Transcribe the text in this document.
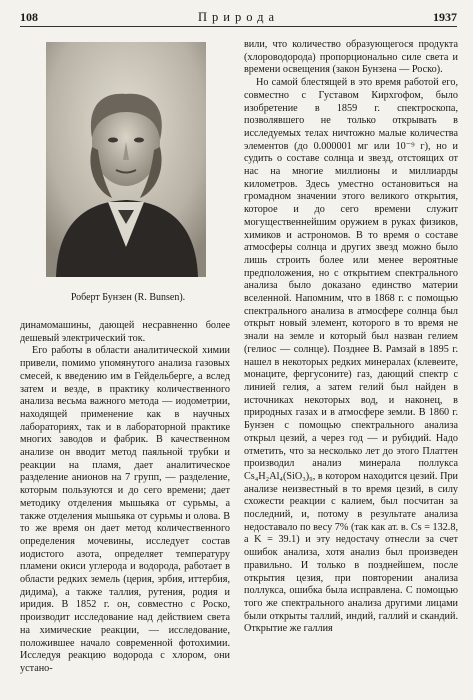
108	Природа	1937
Роберт Бунзен (R. Bunsen).

динамомашины, дающей несравненно более дешевый электрический ток.

Его работы в области аналитической химии привели, помимо упомянутого анализа газовых смесей, к введению им в Гейдельберге, а вслед затем и везде, в практику количественного анализа весьма важного метода — иодометрии, находящей применение как в научных лабораториях, так и в лабораторной практике многих заводов и фабрик. В качественном анализе он вводит метод паяльной трубки и реакции на пламя, дает аналитическое разделение анионов на 7 групп, — разделение, которым пользуются и до сего времени; дает методику отделения мышьяка от сурьмы, а также отделения мышьяка от сурьмы и олова. В то же время он дает метод количественного определения мочевины, исследует состав иодистого азота, определяет температуру пламени окиси углерода и водорода, работает в области редких земель (церия, эрбия, иттербия, дидима), а также таллия, рутения, родия и иридия. В 1852 г. он, совместно с Роско, производит исследование над действием света на химические реакции, — исследование, положившее начало современной фотохимии. Исследуя реакцию водорода с хлором, они устано-

вили, что количество образующегося продукта (хлороводорода) пропорционально силе света и времени освещения (закон Бунзена — Роско).

Но самой блестящей в это время работой его, совместно с Густавом Кирхгофом, было изобретение в 1859 г. спектроскопа, позволявшего не только открывать в исследуемых телах ничтожно малые количества элементов (до 0.000001 мг или 10⁻⁹ г), но и судить о составе солнца и звезд, отстоящих от нас на многие миллионы и миллиарды километров. Здесь уместно остановиться на громадном значении этого великого открытия, которое и до сего времени служит могущественнейшим оружием в руках физиков, химиков и астрономов. В то время о составе атмосферы солнца и других звезд можно было лишь строить более или менее вероятные предположения, но с открытием спектрального анализа было доказано единство материи вселенной. Напомним, что в 1868 г. с помощью спектрального анализа в атмосфере солнца был открыт новый элемент, которого в то время не знали на земле и который был назван гелием (гелиос — солнце). Позднее В. Рамзай в 1895 г. нашел в некоторых редких минералах (клевеите, монаците, фергусоните) газ, дающий спектр с линией гелия, а затем гелий был найден в источниках некоторых вод, и наконец, в природных газах и в атмосфере земли. В 1860 г. Бунзен с помощью спектрального анализа открыл цезий, а через год — и рубидий. Надо отметить, что за несколько лет до этого Платтен производил анализ минерала поллукса Cs₄H₂Al₄(SiO₃)₉, в котором находится цезий. При анализе неизвестный в то время цезий, в силу схожести реакции с калием, был посчитан за последний, и, потому в результате анализа недоставало по весу 7% (так как ат. в. Cs = 132.8, а K = 39.1) и эту недостачу отнесли за счет ошибок анализа, хотя анализ был произведен правильно. И только в позднейшем, после открытия цезия, при повторении анализа поллукса, ошибка была исправлена. С помощью того же спектрального анализа другими лицами были открыты таллий, индий, галлий и скандий. Открытие же галлия
